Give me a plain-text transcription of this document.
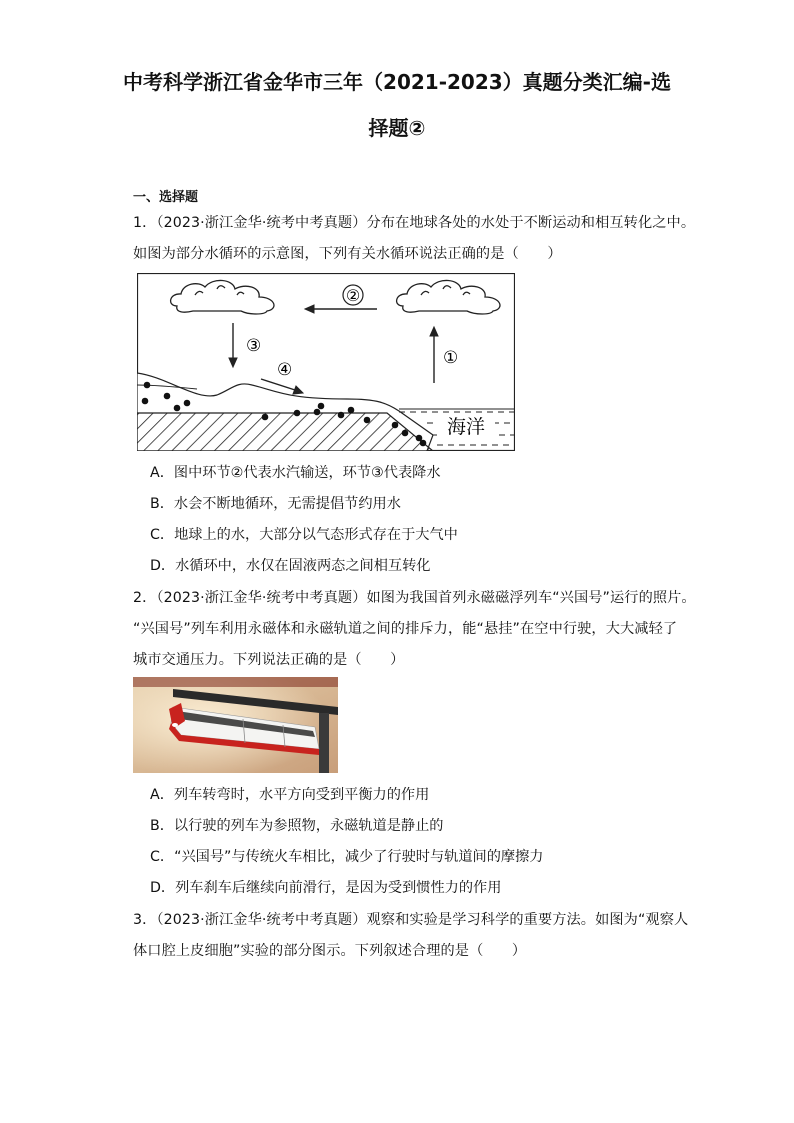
中考科学浙江省金华市三年（2021-2023）真题分类汇编-选
择题②
一、选择题
1．（2023·浙江金华·统考中考真题）分布在地球各处的水处于不断运动和相互转化之中。
如图为部分水循环的示意图，下列有关水循环说法正确的是（　　）
②
③
①
④
海洋
A．图中环节②代表水汽输送，环节③代表降水
B．水会不断地循环，无需提倡节约用水
C．地球上的水，大部分以气态形式存在于大气中
D．水循环中，水仅在固液两态之间相互转化
2．（2023·浙江金华·统考中考真题）如图为我国首列永磁磁浮列车“兴国号”运行的照片。
“兴国号”列车利用永磁体和永磁轨道之间的排斥力，能“悬挂”在空中行驶，大大减轻了
城市交通压力。下列说法正确的是（　　）
A．列车转弯时，水平方向受到平衡力的作用
B．以行驶的列车为参照物，永磁轨道是静止的
C．“兴国号”与传统火车相比，减少了行驶时与轨道间的摩擦力
D．列车刹车后继续向前滑行，是因为受到惯性力的作用
3．（2023·浙江金华·统考中考真题）观察和实验是学习科学的重要方法。如图为“观察人
体口腔上皮细胞”实验的部分图示。下列叙述合理的是（　　）
